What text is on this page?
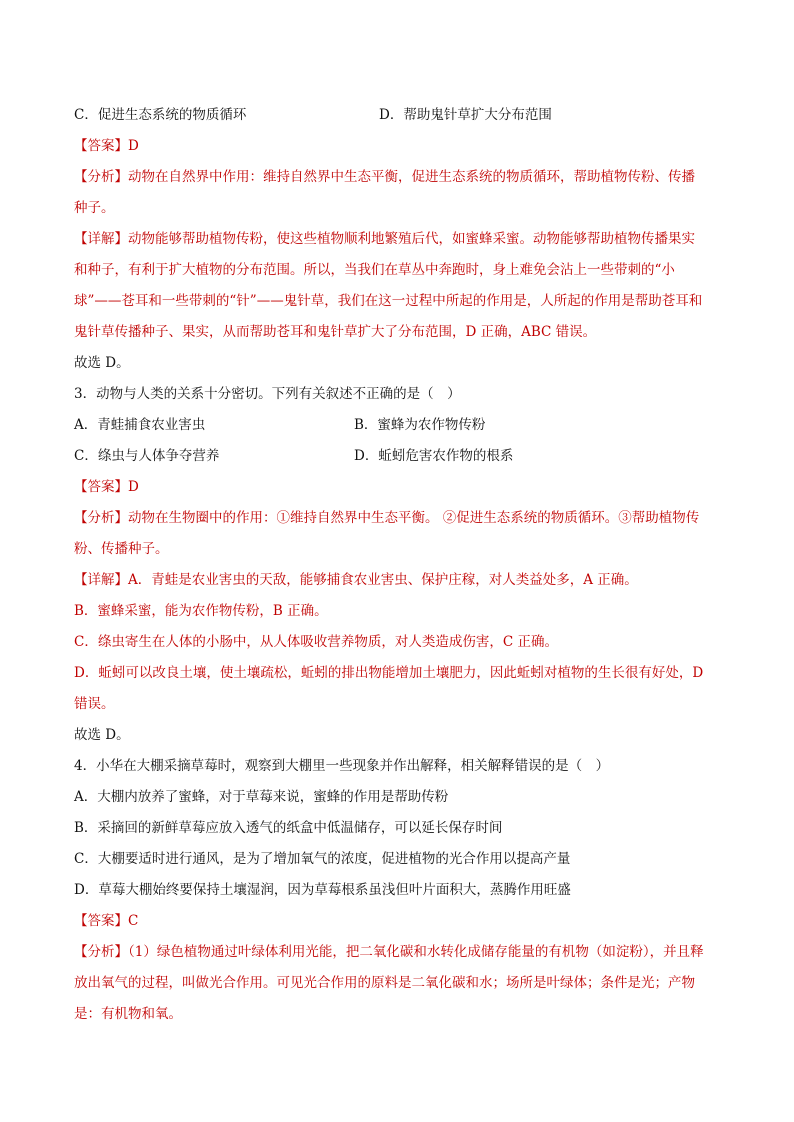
C．促进生态系统的物质循环	D．帮助鬼针草扩大分布范围
【答案】D
【分析】动物在自然界中作用：维持自然界中生态平衡，促进生态系统的物质循环，帮助植物传粉、传播
种子。
【详解】动物能够帮助植物传粉，使这些植物顺利地繁殖后代，如蜜蜂采蜜。动物能够帮助植物传播果实
和种子，有利于扩大植物的分布范围。所以，当我们在草丛中奔跑时，身上难免会沾上一些带刺的“小
球”——苍耳和一些带刺的“针”——鬼针草，我们在这一过程中所起的作用是，人所起的作用是帮助苍耳和
鬼针草传播种子、果实，从而帮助苍耳和鬼针草扩大了分布范围，D 正确，ABC 错误。
故选 D。
3．动物与人类的关系十分密切。下列有关叙述不正确的是（　）
A．青蛙捕食农业害虫	B．蜜蜂为农作物传粉
C．绦虫与人体争夺营养	D．蚯蚓危害农作物的根系
【答案】D
【分析】动物在生物圈中的作用：①维持自然界中生态平衡。 ②促进生态系统的物质循环。③帮助植物传
粉、传播种子。
【详解】A．青蛙是农业害虫的天敌，能够捕食农业害虫、保护庄稼，对人类益处多，A 正确。
B．蜜蜂采蜜，能为农作物传粉，B 正确。
C．绦虫寄生在人体的小肠中，从人体吸收营养物质，对人类造成伤害，C 正确。
D．蚯蚓可以改良土壤，使土壤疏松，蚯蚓的排出物能增加土壤肥力，因此蚯蚓对植物的生长很有好处，D
错误。
故选 D。
4．小华在大棚采摘草莓时，观察到大棚里一些现象并作出解释，相关解释错误的是（　）
A．大棚内放养了蜜蜂，对于草莓来说，蜜蜂的作用是帮助传粉
B．采摘回的新鲜草莓应放入透气的纸盒中低温储存，可以延长保存时间
C．大棚要适时进行通风，是为了增加氧气的浓度，促进植物的光合作用以提高产量
D．草莓大棚始终要保持土壤湿润，因为草莓根系虽浅但叶片面积大，蒸腾作用旺盛
【答案】C
【分析】（1）绿色植物通过叶绿体利用光能，把二氧化碳和水转化成储存能量的有机物（如淀粉），并且释
放出氧气的过程，叫做光合作用。可见光合作用的原料是二氧化碳和水；场所是叶绿体；条件是光；产物
是：有机物和氧。
